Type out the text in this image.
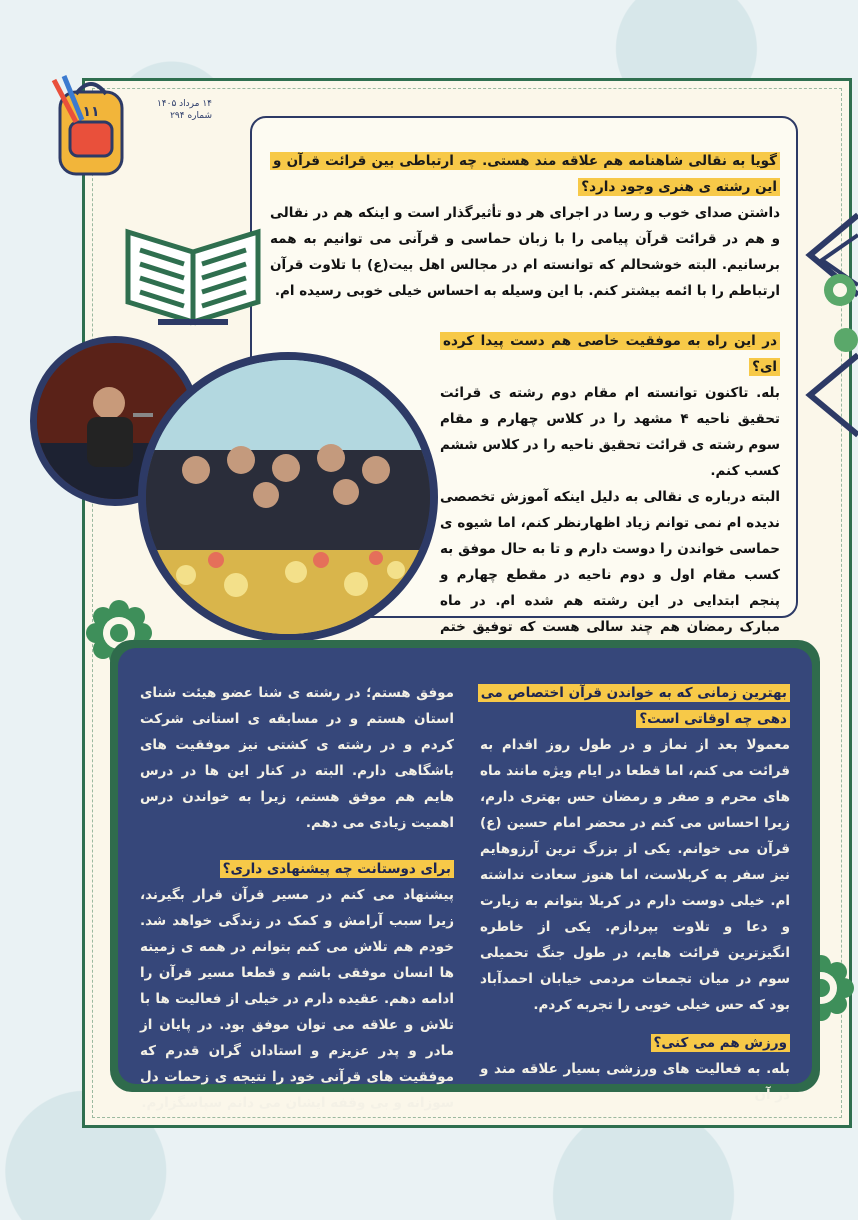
۱۱	۱۴ مرداد ۱۴۰۵
شماره ۲۹۴
گویا به نقالی شاهنامه هم علاقه مند هستی. چه ارتباطی بین قرائت قرآن و این رشته ی هنری وجود دارد؟
داشتن صدای خوب و رسا در اجرای هر دو تأثیرگذار است و اینکه هم در نقالی و هم در قرائت قرآن پیامی را با زبان حماسی و قرآنی می توانیم به همه برسانیم. البته خوشحالم که توانسته ام در مجالس اهل بیت(ع) با تلاوت قرآن ارتباطم را با ائمه بیشتر کنم. با این وسیله به احساس خیلی خوبی رسیده ام.
در این راه به موفقیت خاصی هم دست پیدا کرده ای؟
بله. تاکنون توانسته ام مقام دوم رشته ی قرائت تحقیق ناحیه ۴ مشهد را در کلاس چهارم و مقام سوم رشته ی قرائت تحقیق ناحیه را در کلاس ششم کسب کنم.
البته درباره ی نقالی به دلیل اینکه آموزش تخصصی ندیده ام نمی توانم زیاد اظهارنظر کنم، اما شیوه ی حماسی خواندن را دوست دارم و تا به حال موفق به کسب مقام اول و دوم ناحیه در مقطع چهارم و پنجم ابتدایی در این رشته هم شده ام. در ماه مبارک رمضان هم چند سالی هست که توفیق ختم
بهترین زمانی که به خواندن قرآن اختصاص می دهی چه اوقاتی است؟
معمولا بعد از نماز و در طول روز اقدام به قرائت می کنم، اما قطعا در ایام ویژه مانند ماه های محرم و صفر و رمضان حس بهتری دارم، زیرا احساس می کنم در محضر امام حسین (ع) قرآن می خوانم. یکی از بزرگ ترین آرزوهایم نیز سفر به کربلاست، اما هنوز سعادت نداشته ام. خیلی دوست دارم در کربلا بتوانم به زیارت و دعا و تلاوت بپردازم. یکی از خاطره انگیزترین قرائت هایم، در طول جنگ تحمیلی سوم در میان تجمعات مردمی خیابان احمدآباد بود که حس خیلی خوبی را تجربه کردم.
ورزش هم می کنی؟
بله. به فعالیت های ورزشی بسیار علاقه مند و در آن
موفق هستم؛ در رشته ی شنا عضو هیئت شنای استان هستم و در مسابقه ی استانی شرکت کردم و در رشته ی کشتی نیز موفقیت های باشگاهی دارم. البته در کنار این ها در درس هایم هم موفق هستم، زیرا به خواندن درس اهمیت زیادی می دهم.
برای دوستانت چه پیشنهادی داری؟
پیشنهاد می کنم در مسیر قرآن قرار بگیرند، زیرا سبب آرامش و کمک در زندگی خواهد شد. خودم هم تلاش می کنم بتوانم در همه ی زمینه ها انسان موفقی باشم و قطعا مسیر قرآن را ادامه دهم. عقیده دارم در خیلی از فعالیت ها با تلاش و علاقه می توان موفق بود. در پایان از مادر و پدر عزیزم و استادان گران قدرم که موفقیت های قرآنی خود را نتیجه ی زحمات دل سوزانه و بی وقفه ایشان می دانم سپاسگزارم.
